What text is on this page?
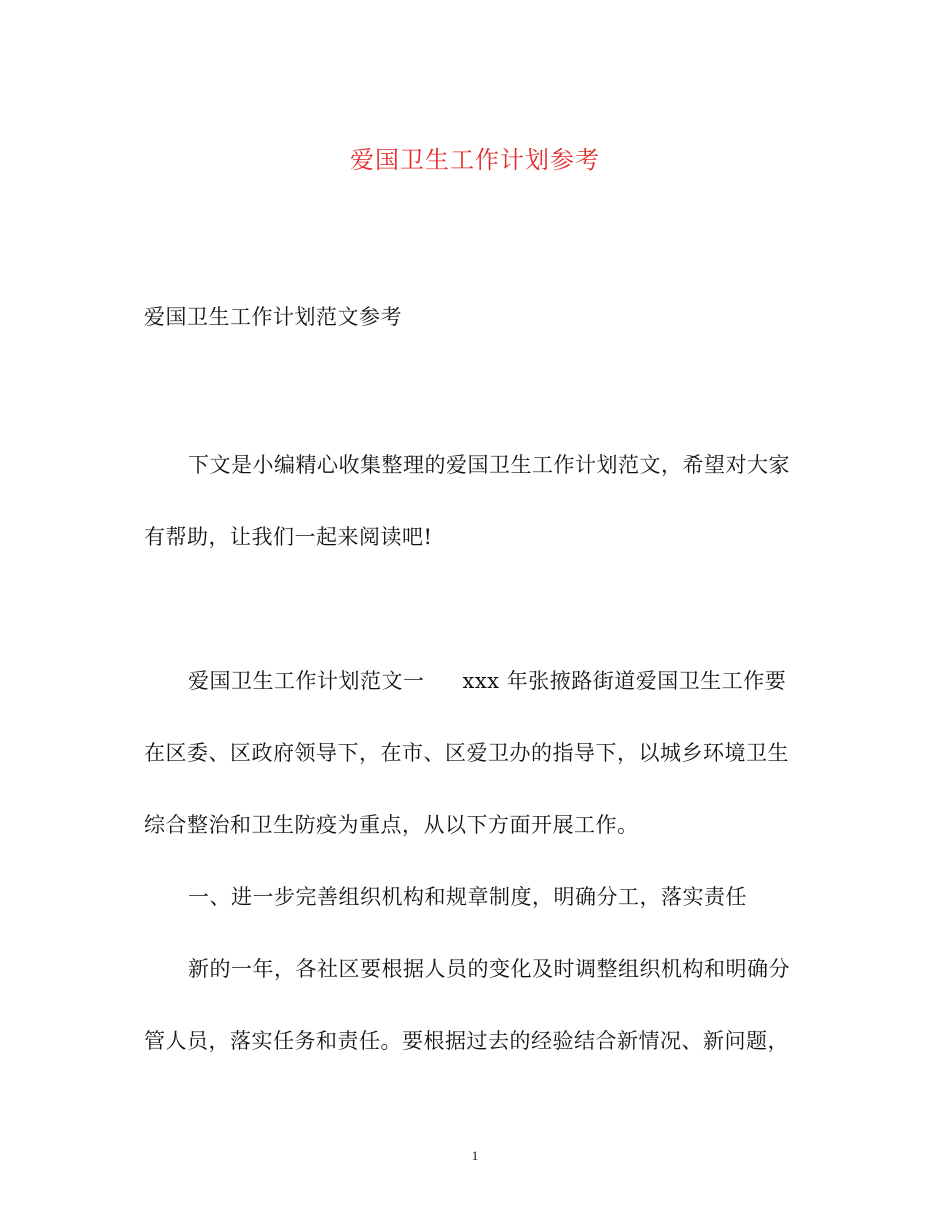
爱国卫生工作计划参考
爱国卫生工作计划范文参考
下文是小编精心收集整理的爱国卫生工作计划范文，希望对大家
有帮助，让我们一起来阅读吧!
爱国卫生工作计划范文一 xxx 年张掖路街道爱国卫生工作要
在区委、区政府领导下，在市、区爱卫办的指导下，以城乡环境卫生
综合整治和卫生防疫为重点，从以下方面开展工作。
一、进一步完善组织机构和规章制度，明确分工，落实责任
新的一年，各社区要根据人员的变化及时调整组织机构和明确分
管人员，落实任务和责任。要根据过去的经验结合新情况、新问题，
1
